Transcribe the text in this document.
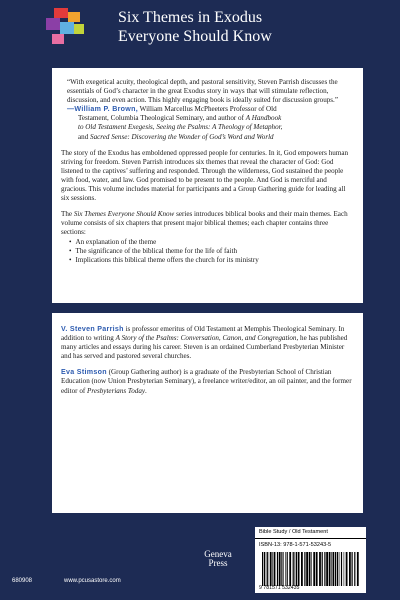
Six Themes in Exodus
Everyone Should Know

“With exegetical acuity, theological depth, and pastoral sensitivity, Steven Parrish discusses the essentials of God’s character in the great Exodus story in ways that will stimulate reflection, discussion, and even action. This highly engaging book is ideally suited for discussion groups.”

—William P. Brown, William Marcellus McPheeters Professor of Old

Testament, Columbia Theological Seminary, and author of A Handbook

to Old Testament Exegesis, Seeing the Psalms: A Theology of Metaphor,

and Sacred Sense: Discovering the Wonder of God’s Word and World

The story of the Exodus has emboldened oppressed people for centuries. In it, God empowers human striving for freedom. Steven Parrish introduces six themes that reveal the character of God: God listened to the captives’ suffering and responded. Through the wilderness, God sustained the people with food, water, and law. God promised to be present to the people. And God is merciful and gracious. This volume includes material for participants and a Group Gathering guide for leading all six sessions.

The Six Themes Everyone Should Know series introduces biblical books and their main themes. Each volume consists of six chapters that present major biblical themes; each chapter contains three sections:

• An explanation of the theme
• The significance of the biblical theme for the life of faith
• Implications this biblical theme offers the church for its ministry

V. Steven Parrish is professor emeritus of Old Testament at Memphis Theological Seminary. In addition to writing A Story of the Psalms: Conversation, Canon, and Congregation, he has published many articles and essays during his career. Steven is an ordained Cumberland Presbyterian Minister and has served and pastored several churches.

Eva Stimson (Group Gathering author) is a graduate of the Presbyterian School of Christian Education (now Union Presbyterian Seminary), a freelance writer/editor, an oil painter, and the former editor of Presbyterians Today.

680908	www.pcusastore.com
Geneva
Press
Bible Study / Old Testament
ISBN-13: 978-1-571-53243-5
9 781571 532435
